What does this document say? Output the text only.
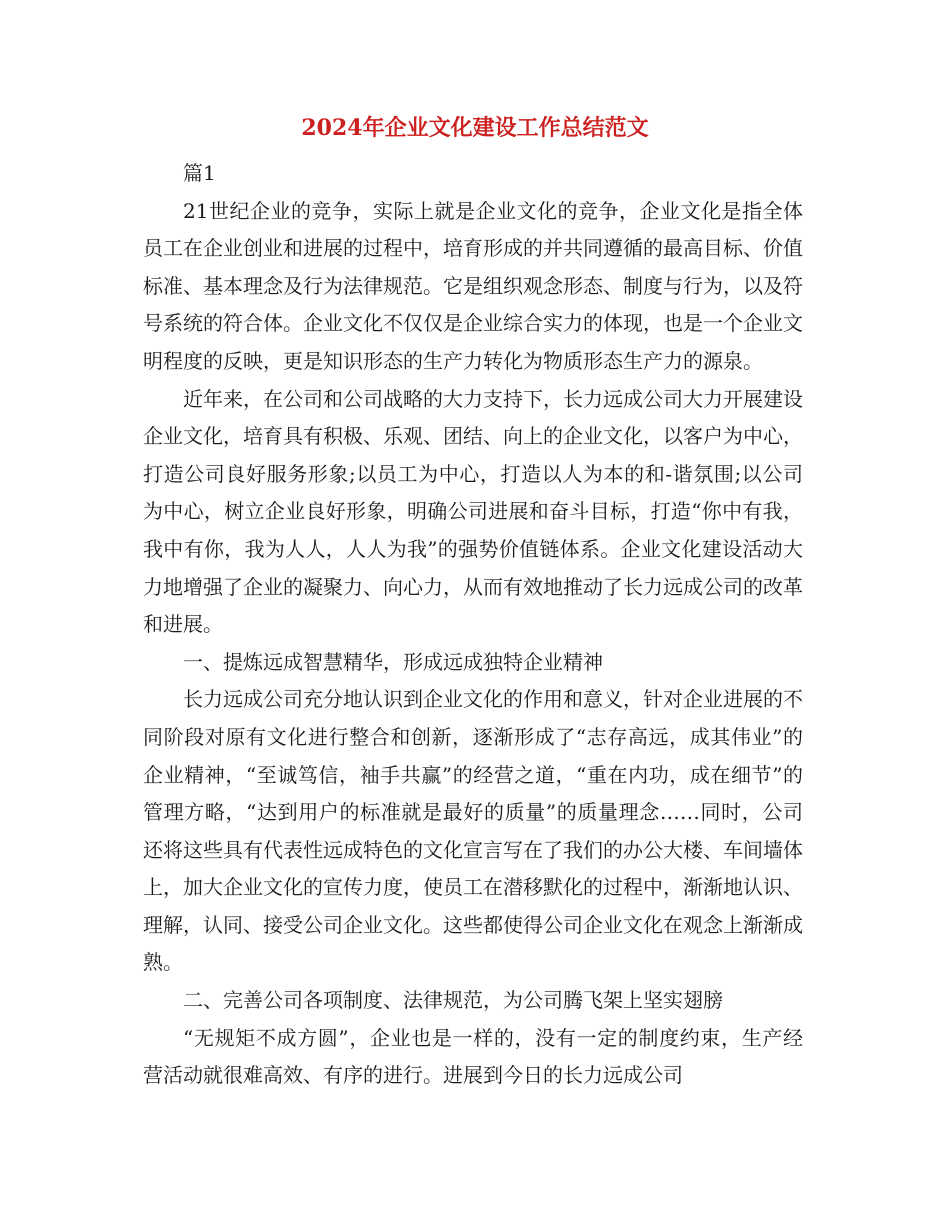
2024年企业文化建设工作总结范文

篇1

21世纪企业的竞争，实际上就是企业文化的竞争，企业文化是指全体员工在企业创业和进展的过程中，培育形成的并共同遵循的最高目标、价值标准、基本理念及行为法律规范。它是组织观念形态、制度与行为，以及符号系统的符合体。企业文化不仅仅是企业综合实力的体现，也是一个企业文明程度的反映，更是知识形态的生产力转化为物质形态生产力的源泉。

近年来，在公司和公司战略的大力支持下，长力远成公司大力开展建设企业文化，培育具有积极、乐观、团结、向上的企业文化，以客户为中心，打造公司良好服务形象;以员工为中心，打造以人为本的和-谐氛围;以公司为中心，树立企业良好形象，明确公司进展和奋斗目标，打造“你中有我，我中有你，我为人人，人人为我”的强势价值链体系。企业文化建设活动大力地增强了企业的凝聚力、向心力，从而有效地推动了长力远成公司的改革和进展。

一、提炼远成智慧精华，形成远成独特企业精神

长力远成公司充分地认识到企业文化的作用和意义，针对企业进展的不同阶段对原有文化进行整合和创新，逐渐形成了“志存高远，成其伟业”的企业精神，“至诚笃信，袖手共赢”的经营之道，“重在内功，成在细节”的管理方略，“达到用户的标准就是最好的质量”的质量理念……同时，公司还将这些具有代表性远成特色的文化宣言写在了我们的办公大楼、车间墙体上，加大企业文化的宣传力度，使员工在潜移默化的过程中，渐渐地认识、理解，认同、接受公司企业文化。这些都使得公司企业文化在观念上渐渐成熟。

二、完善公司各项制度、法律规范，为公司腾飞架上坚实翅膀

“无规矩不成方圆”，企业也是一样的，没有一定的制度约束，生产经营活动就很难高效、有序的进行。进展到今日的长力远成公司
